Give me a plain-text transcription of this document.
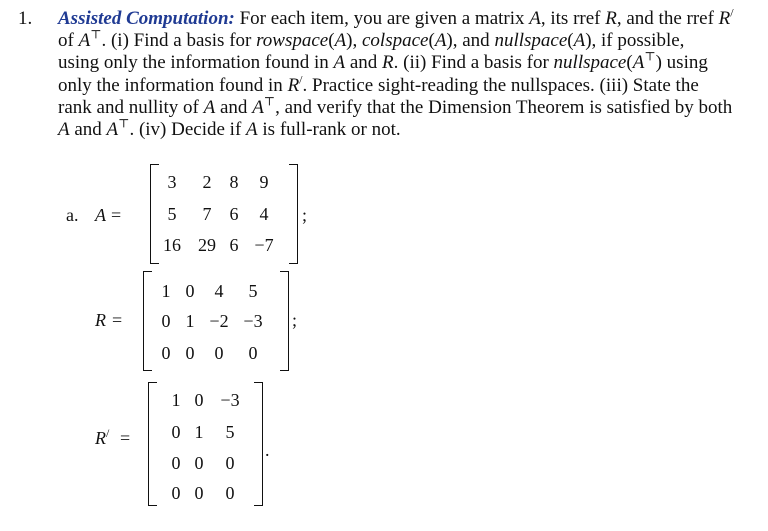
1. Assisted Computation: For each item, you are given a matrix A, its rref R, and the rref R/
of A⊤. (i) Find a basis for rowspace(A), colspace(A), and nullspace(A), if possible,
using only the information found in A and R. (ii) Find a basis for nullspace(A⊤) using
only the information found in R/. Practice sight-reading the nullspaces. (iii) State the
rank and nullity of A and A⊤, and verify that the Dimension Theorem is satisfied by both
A and A⊤. (iv) Decide if A is full-rank or not.
a. A =
3 2 8 9
5 7 6 4
16 29 6 −7
;
R =
1 0 4 5
0 1 −2 −3
0 0 0 0
;
R/ =
1 0 −3
0 1 5
0 0 0
0 0 0
.
